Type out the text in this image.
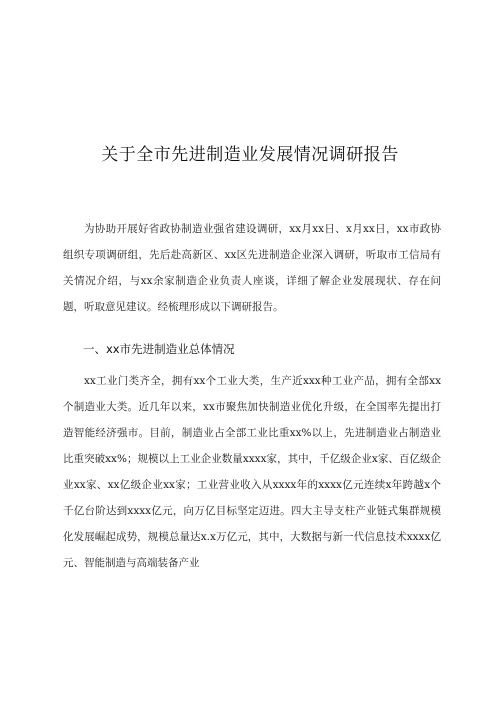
关于全市先进制造业发展情况调研报告

为协助开展好省政协制造业强省建设调研，xx月xx日、x月xx日，xx市政协组织专项调研组，先后赴高新区、xx区先进制造企业深入调研，听取市工信局有关情况介绍，与xx余家制造企业负责人座谈，详细了解企业发展现状、存在问题，听取意见建议。经梳理形成以下调研报告。

一、xx市先进制造业总体情况

xx工业门类齐全，拥有xx个工业大类，生产近xxx种工业产品，拥有全部xx个制造业大类。近几年以来，xx市聚焦加快制造业优化升级，在全国率先提出打造智能经济强市。目前，制造业占全部工业比重xx%以上，先进制造业占制造业比重突破xx%；规模以上工业企业数量xxxx家，其中，千亿级企业x家、百亿级企业xx家、xx亿级企业xx家；工业营业收入从xxxx年的xxxx亿元连续x年跨越x个千亿台阶达到xxxx亿元，向万亿目标坚定迈进。四大主导支柱产业链式集群规模化发展崛起成势，规模总量达x.x万亿元，其中，大数据与新一代信息技术xxxx亿元、智能制造与高端装备产业
